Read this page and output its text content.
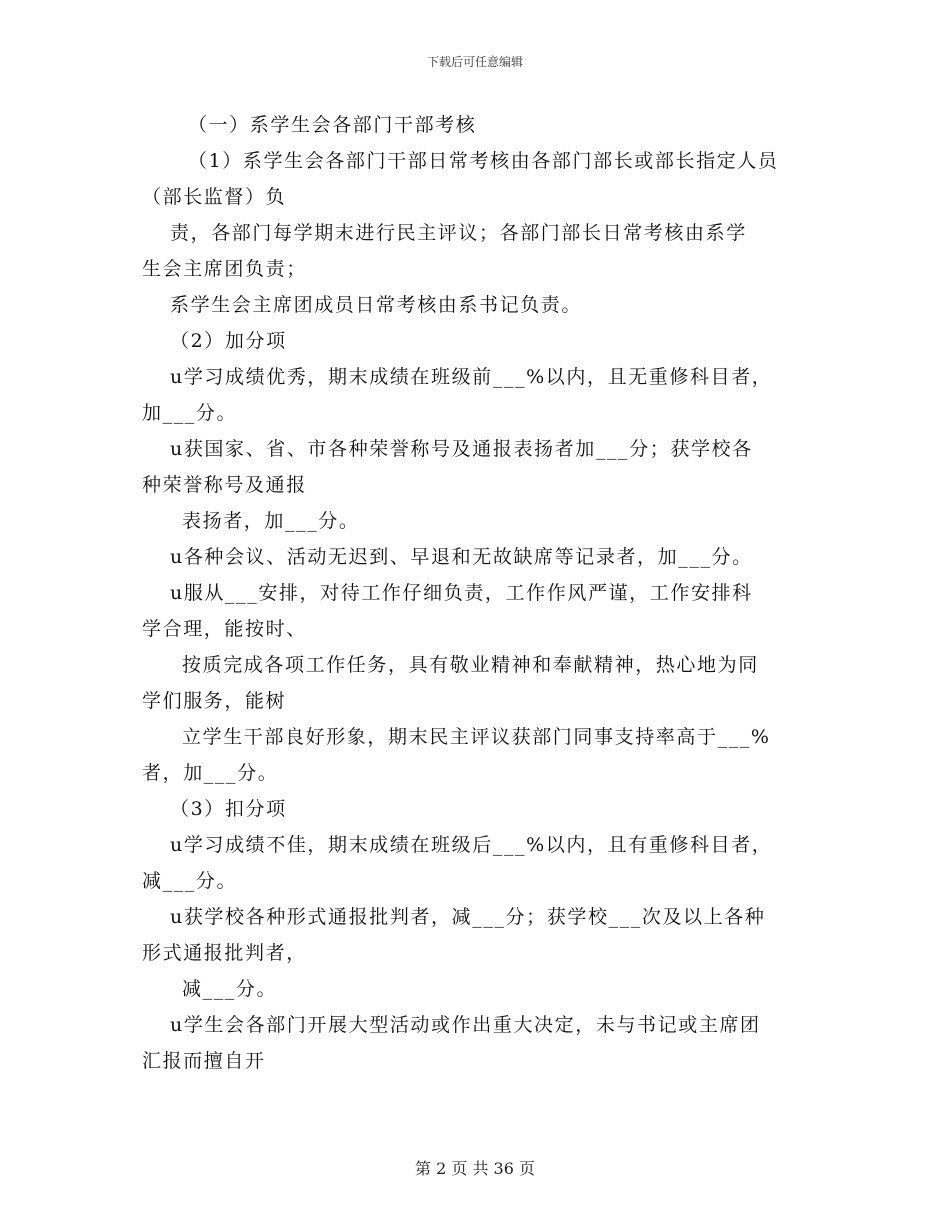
下载后可任意编辑
（一）系学生会各部门干部考核
（1）系学生会各部门干部日常考核由各部门部长或部长指定人员
（部长监督）负
责，各部门每学期末进行民主评议；各部门部长日常考核由系学
生会主席团负责；
系学生会主席团成员日常考核由系书记负责。
（2）加分项
u学习成绩优秀，期末成绩在班级前___%以内，且无重修科目者，
加___分。
u获国家、省、市各种荣誉称号及通报表扬者加___分；获学校各
种荣誉称号及通报
表扬者，加___分。
u各种会议、活动无迟到、早退和无故缺席等记录者，加___分。
u服从___安排，对待工作仔细负责，工作作风严谨，工作安排科
学合理，能按时、
按质完成各项工作任务，具有敬业精神和奉献精神，热心地为同
学们服务，能树
立学生干部良好形象，期末民主评议获部门同事支持率高于___%
者，加___分。
（3）扣分项
u学习成绩不佳，期末成绩在班级后___%以内，且有重修科目者，
减___分。
u获学校各种形式通报批判者，减___分；获学校___次及以上各种
形式通报批判者，
减___分。
u学生会各部门开展大型活动或作出重大决定，未与书记或主席团
汇报而擅自开
第 2 页 共 36 页
